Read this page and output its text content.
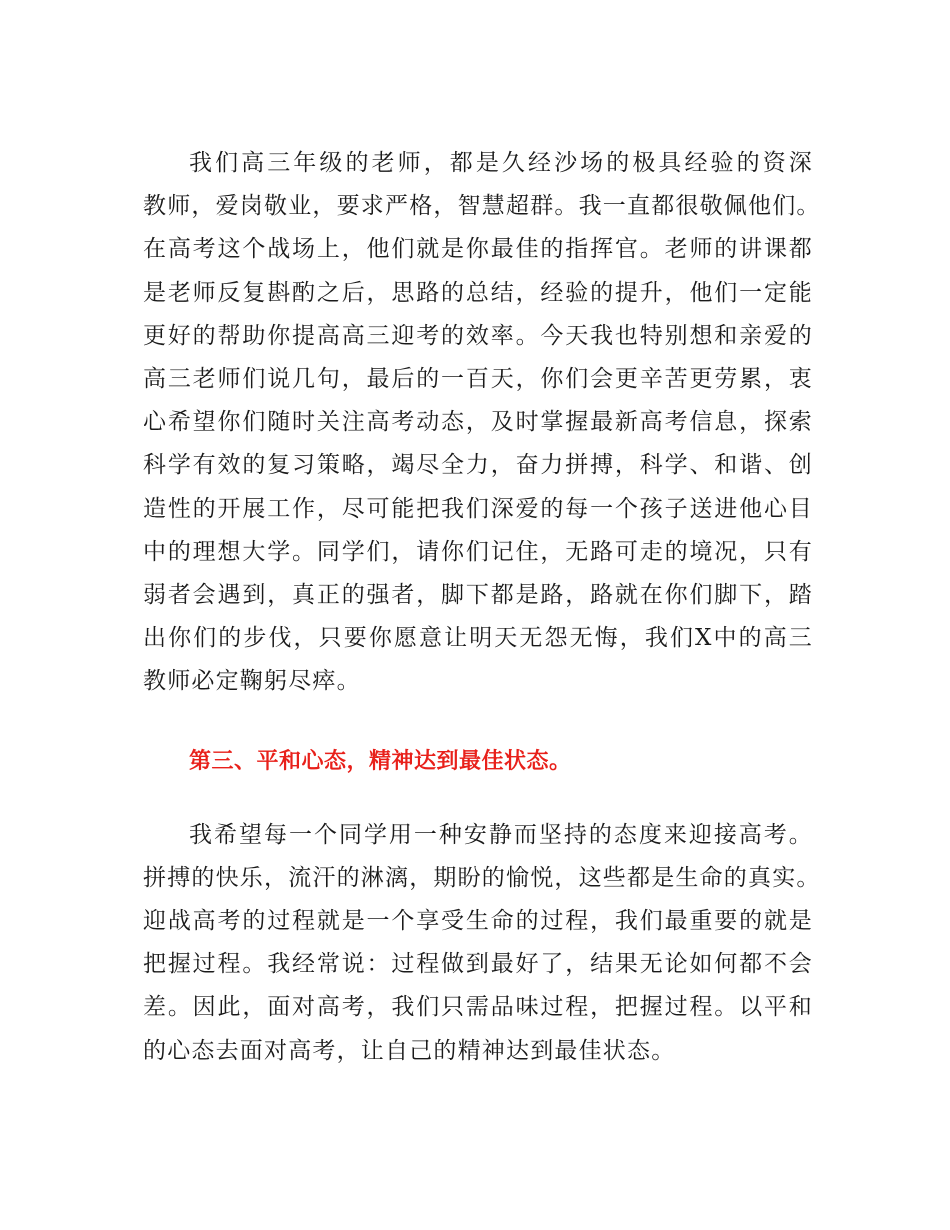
我们高三年级的老师，都是久经沙场的极具经验的资深
教师，爱岗敬业，要求严格，智慧超群。我一直都很敬佩他们。
在高考这个战场上，他们就是你最佳的指挥官。老师的讲课都
是老师反复斟酌之后，思路的总结，经验的提升，他们一定能
更好的帮助你提高高三迎考的效率。今天我也特别想和亲爱的
高三老师们说几句，最后的一百天，你们会更辛苦更劳累，衷
心希望你们随时关注高考动态，及时掌握最新高考信息，探索
科学有效的复习策略，竭尽全力，奋力拼搏，科学、和谐、创
造性的开展工作，尽可能把我们深爱的每一个孩子送进他心目
中的理想大学。同学们，请你们记住，无路可走的境况，只有
弱者会遇到，真正的强者，脚下都是路，路就在你们脚下，踏
出你们的步伐，只要你愿意让明天无怨无悔，我们X中的高三
教师必定鞠躬尽瘁。
第三、平和心态，精神达到最佳状态。
我希望每一个同学用一种安静而坚持的态度来迎接高考。
拼搏的快乐，流汗的淋漓，期盼的愉悦，这些都是生命的真实。
迎战高考的过程就是一个享受生命的过程，我们最重要的就是
把握过程。我经常说：过程做到最好了，结果无论如何都不会
差。因此，面对高考，我们只需品味过程，把握过程。以平和
的心态去面对高考，让自己的精神达到最佳状态。
